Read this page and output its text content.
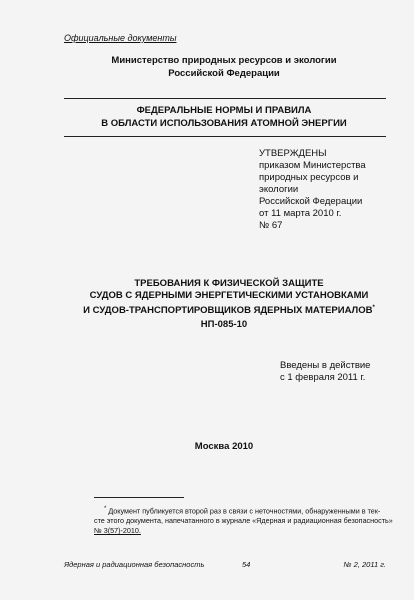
Официальные документы
Министерство природных ресурсов и экологии
Российской Федерации
ФЕДЕРАЛЬНЫЕ НОРМЫ И ПРАВИЛА
В ОБЛАСТИ ИСПОЛЬЗОВАНИЯ АТОМНОЙ ЭНЕРГИИ
УТВЕРЖДЕНЫ
приказом Министерства
природных ресурсов и
экологии
Российской Федерации
от 11 марта 2010 г.
№ 67
ТРЕБОВАНИЯ К ФИЗИЧЕСКОЙ ЗАЩИТЕ
СУДОВ С ЯДЕРНЫМИ ЭНЕРГЕТИЧЕСКИМИ УСТАНОВКАМИ
И СУДОВ-ТРАНСПОРТИРОВЩИКОВ ЯДЕРНЫХ МАТЕРИАЛОВ*
НП-085-10
Введены в действие
с 1 февраля 2011 г.
Москва 2010
* Документ публикуется второй раз в связи с неточностями, обнаруженными в тек-
сте этого документа, напечатанного в журнале «Ядерная и радиационная безопасность»
№ 3(57)-2010.
Ядерная и радиационная безопасность	54	№ 2, 2011 г.
